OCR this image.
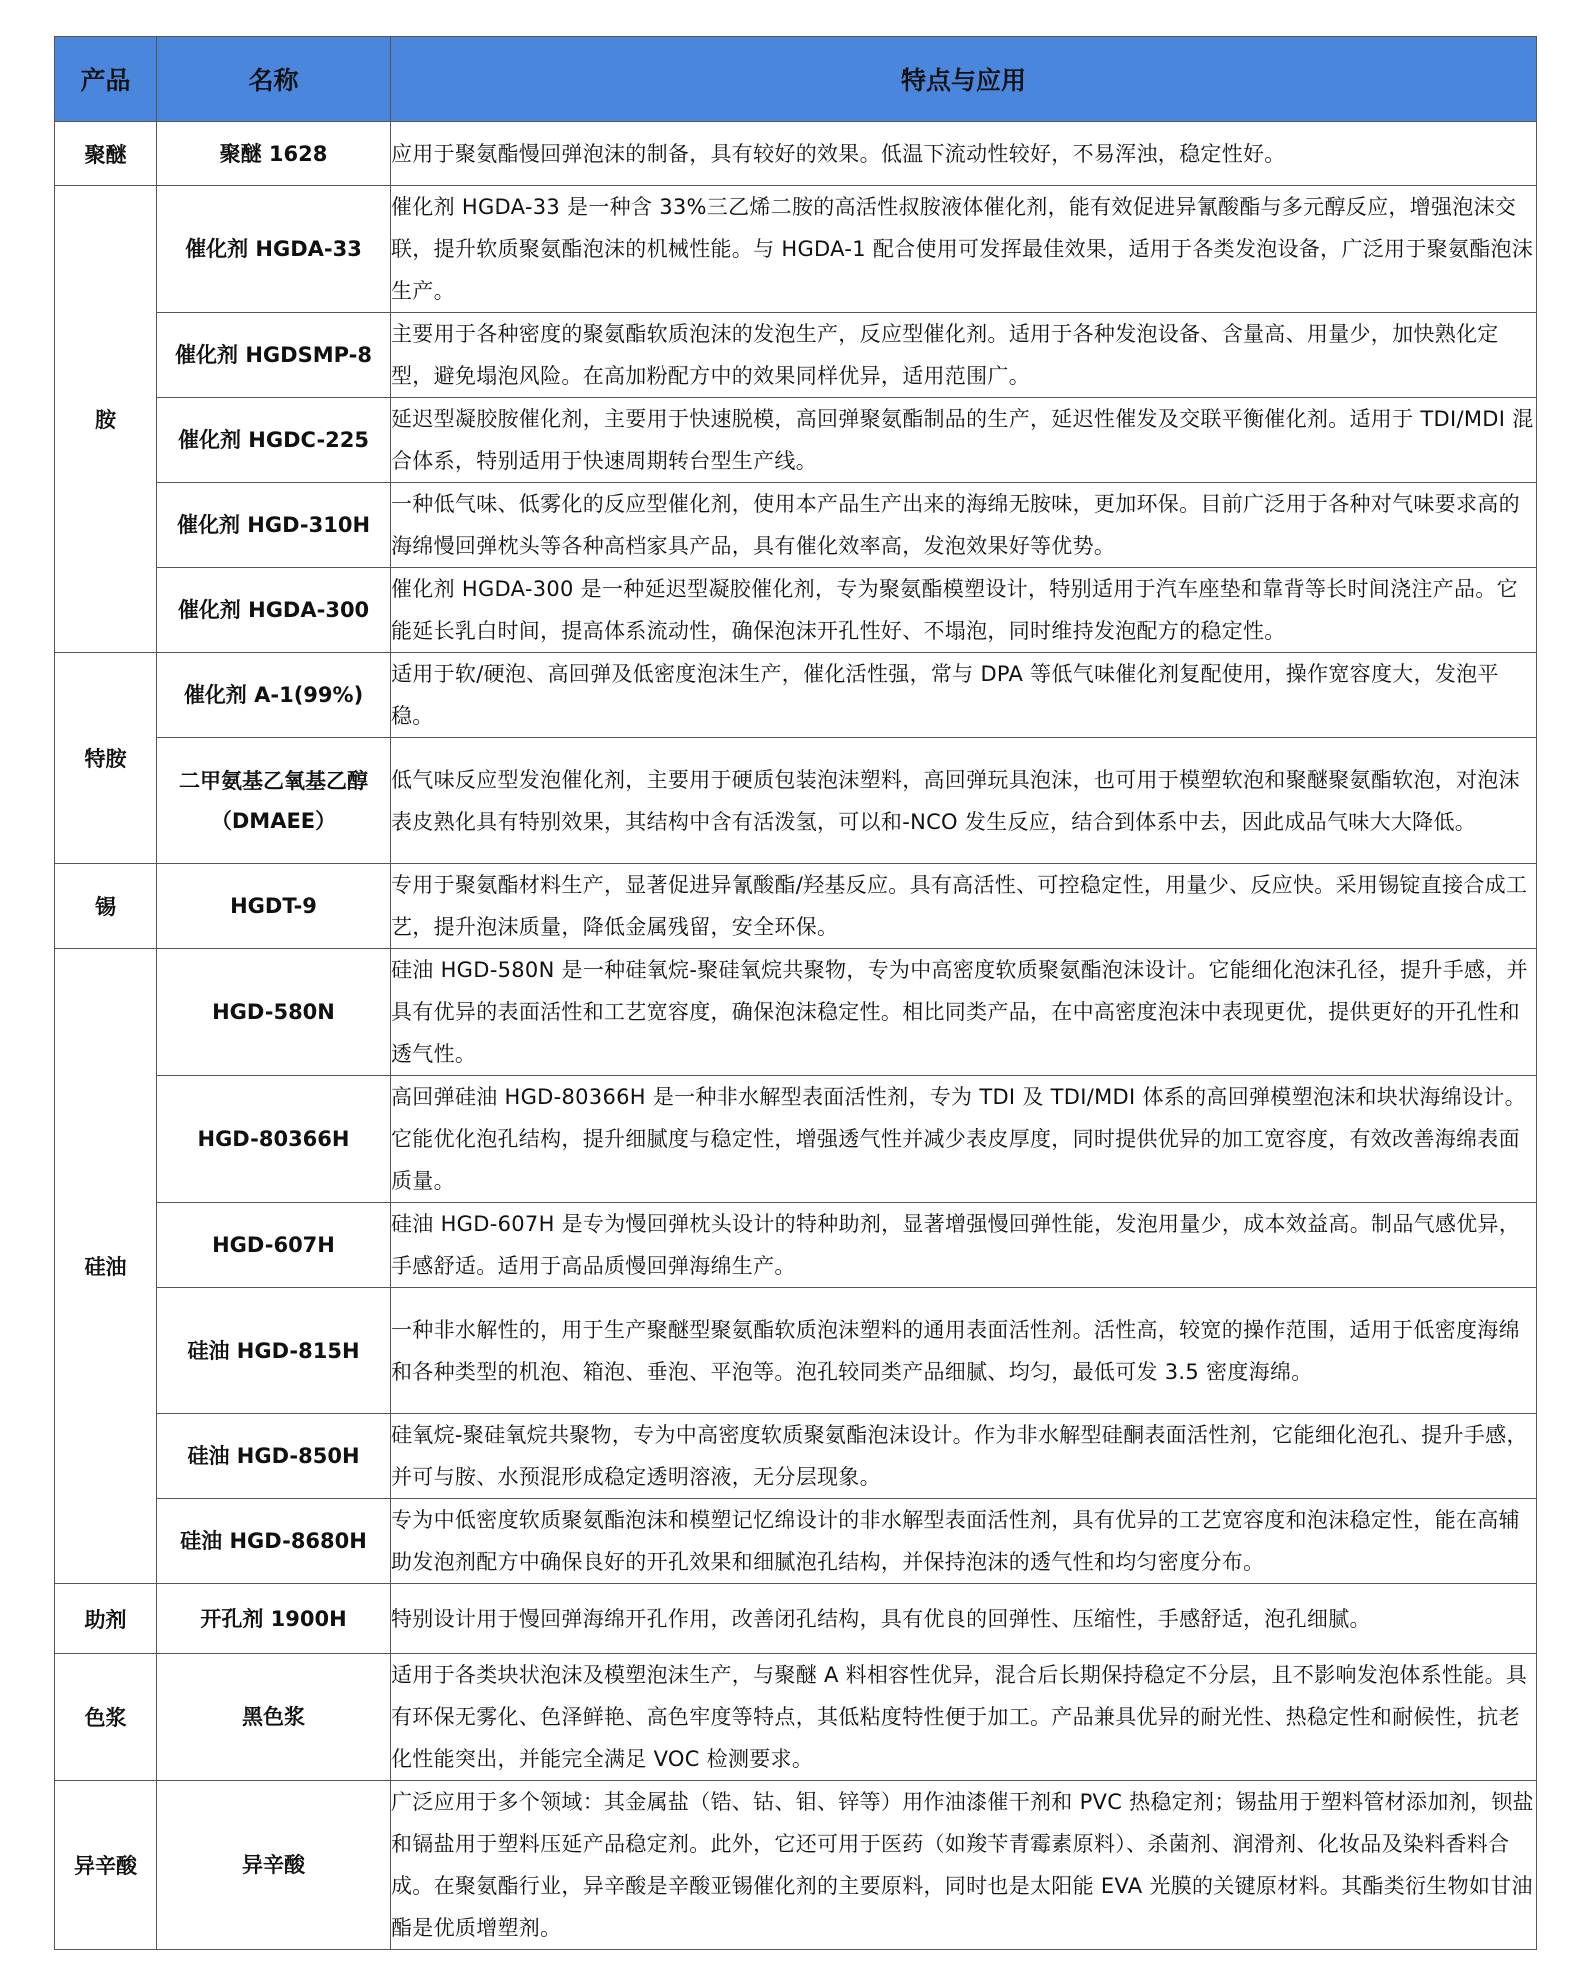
产品	名称	特点与应用
聚醚	聚醚 1628	应用于聚氨酯慢回弹泡沫的制备，具有较好的效果。低温下流动性较好，不易浑浊，稳定性好。
胺	催化剂 HGDA-33	催化剂 HGDA-33 是一种含 33%三乙烯二胺的高活性叔胺液体催化剂，能有效促进异氰酸酯与多元醇反应，增强泡沫交联，提升软质聚氨酯泡沫的机械性能。与 HGDA-1 配合使用可发挥最佳效果，适用于各类发泡设备，广泛用于聚氨酯泡沫生产。
	催化剂 HGDSMP-8	主要用于各种密度的聚氨酯软质泡沫的发泡生产，反应型催化剂。适用于各种发泡设备、含量高、用量少，加快熟化定型，避免塌泡风险。在高加粉配方中的效果同样优异，适用范围广。
	催化剂 HGDC-225	延迟型凝胶胺催化剂，主要用于快速脱模，高回弹聚氨酯制品的生产，延迟性催发及交联平衡催化剂。适用于 TDI/MDI 混合体系，特别适用于快速周期转台型生产线。
	催化剂 HGD-310H	一种低气味、低雾化的反应型催化剂，使用本产品生产出来的海绵无胺味，更加环保。目前广泛用于各种对气味要求高的海绵慢回弹枕头等各种高档家具产品，具有催化效率高，发泡效果好等优势。
	催化剂 HGDA-300	催化剂 HGDA-300 是一种延迟型凝胶催化剂，专为聚氨酯模塑设计，特别适用于汽车座垫和靠背等长时间浇注产品。它能延长乳白时间，提高体系流动性，确保泡沫开孔性好、不塌泡，同时维持发泡配方的稳定性。
特胺	催化剂 A-1(99%)	适用于软/硬泡、高回弹及低密度泡沫生产，催化活性强，常与 DPA 等低气味催化剂复配使用，操作宽容度大，发泡平稳。
	二甲氨基乙氧基乙醇（DMAEE）	低气味反应型发泡催化剂，主要用于硬质包装泡沫塑料，高回弹玩具泡沫，也可用于模塑软泡和聚醚聚氨酯软泡，对泡沫表皮熟化具有特别效果，其结构中含有活泼氢，可以和-NCO 发生反应，结合到体系中去，因此成品气味大大降低。
锡	HGDT-9	专用于聚氨酯材料生产，显著促进异氰酸酯/羟基反应。具有高活性、可控稳定性，用量少、反应快。采用锡锭直接合成工艺，提升泡沫质量，降低金属残留，安全环保。
硅油	HGD-580N	硅油 HGD-580N 是一种硅氧烷-聚硅氧烷共聚物，专为中高密度软质聚氨酯泡沫设计。它能细化泡沫孔径，提升手感，并具有优异的表面活性和工艺宽容度，确保泡沫稳定性。相比同类产品，在中高密度泡沫中表现更优，提供更好的开孔性和透气性。
	HGD-80366H	高回弹硅油 HGD-80366H 是一种非水解型表面活性剂，专为 TDI 及 TDI/MDI 体系的高回弹模塑泡沫和块状海绵设计。它能优化泡孔结构，提升细腻度与稳定性，增强透气性并减少表皮厚度，同时提供优异的加工宽容度，有效改善海绵表面质量。
	HGD-607H	硅油 HGD-607H 是专为慢回弹枕头设计的特种助剂，显著增强慢回弹性能，发泡用量少，成本效益高。制品气感优异，手感舒适。适用于高品质慢回弹海绵生产。
	硅油 HGD-815H	一种非水解性的，用于生产聚醚型聚氨酯软质泡沫塑料的通用表面活性剂。活性高，较宽的操作范围，适用于低密度海绵和各种类型的机泡、箱泡、垂泡、平泡等。泡孔较同类产品细腻、均匀，最低可发 3.5 密度海绵。
	硅油 HGD-850H	硅氧烷-聚硅氧烷共聚物，专为中高密度软质聚氨酯泡沫设计。作为非水解型硅酮表面活性剂，它能细化泡孔、提升手感，并可与胺、水预混形成稳定透明溶液，无分层现象。
	硅油 HGD-8680H	专为中低密度软质聚氨酯泡沫和模塑记忆绵设计的非水解型表面活性剂，具有优异的工艺宽容度和泡沫稳定性，能在高辅助发泡剂配方中确保良好的开孔效果和细腻泡孔结构，并保持泡沫的透气性和均匀密度分布。
助剂	开孔剂 1900H	特别设计用于慢回弹海绵开孔作用，改善闭孔结构，具有优良的回弹性、压缩性，手感舒适，泡孔细腻。
色浆	黑色浆	适用于各类块状泡沫及模塑泡沫生产，与聚醚 A 料相容性优异，混合后长期保持稳定不分层，且不影响发泡体系性能。具有环保无雾化、色泽鲜艳、高色牢度等特点，其低粘度特性便于加工。产品兼具优异的耐光性、热稳定性和耐候性，抗老化性能突出，并能完全满足 VOC 检测要求。
异辛酸	异辛酸	广泛应用于多个领域：其金属盐（锆、钴、钼、锌等）用作油漆催干剂和 PVC 热稳定剂；锡盐用于塑料管材添加剂，钡盐和镉盐用于塑料压延产品稳定剂。此外，它还可用于医药（如羧苄青霉素原料）、杀菌剂、润滑剂、化妆品及染料香料合成。在聚氨酯行业，异辛酸是辛酸亚锡催化剂的主要原料，同时也是太阳能 EVA 光膜的关键原材料。其酯类衍生物如甘油酯是优质增塑剂。
